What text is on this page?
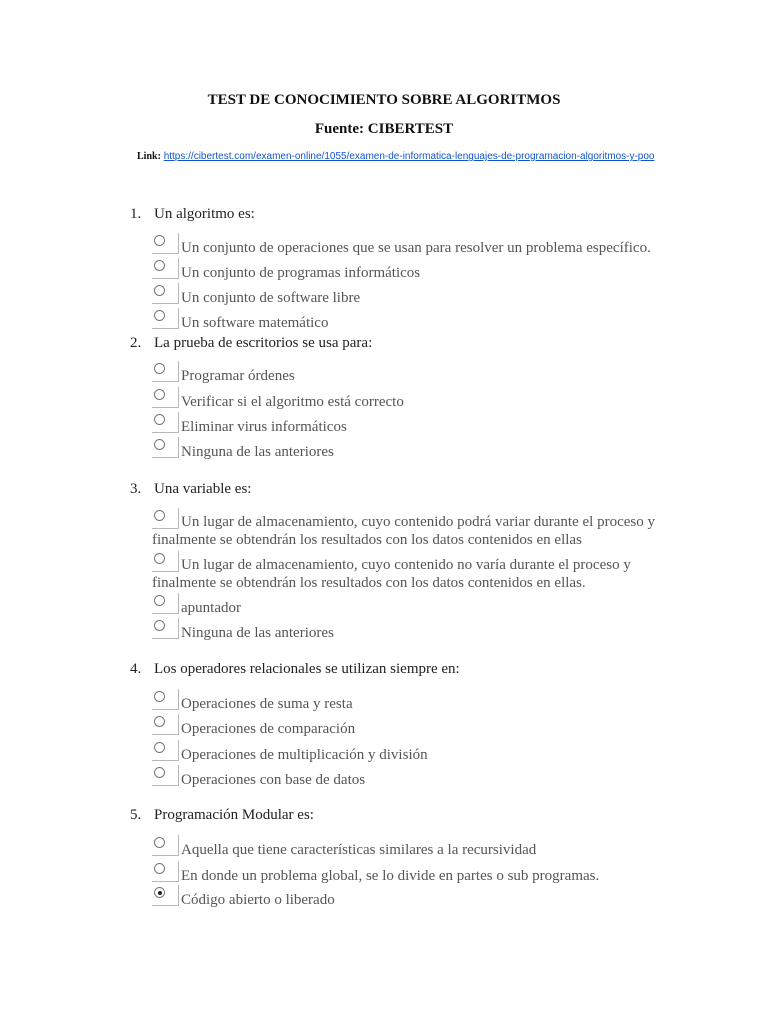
TEST DE CONOCIMIENTO SOBRE ALGORITMOS
Fuente: CIBERTEST
Link: https://cibertest.com/examen-online/1055/examen-de-informatica-lenguajes-de-programacion-algoritmos-y-poo
1. Un algoritmo es:
Un conjunto de operaciones que se usan para resolver un problema específico.
Un conjunto de programas informáticos
Un conjunto de software libre
Un software matemático
2. La prueba de escritorios se usa para:
Programar órdenes
Verificar si el algoritmo está correcto
Eliminar virus informáticos
Ninguna de las anteriores
3. Una variable es:
Un lugar de almacenamiento, cuyo contenido podrá variar durante el proceso y finalmente se obtendrán los resultados con los datos contenidos en ellas
Un lugar de almacenamiento, cuyo contenido no varía durante el proceso y finalmente se obtendrán los resultados con los datos contenidos en ellas.
apuntador
Ninguna de las anteriores
4. Los operadores relacionales se utilizan siempre en:
Operaciones de suma y resta
Operaciones de comparación
Operaciones de multiplicación y división
Operaciones con base de datos
5. Programación Modular es:
Aquella que tiene características similares a la recursividad
En donde un problema global, se lo divide en partes o sub programas.
Código abierto o liberado
